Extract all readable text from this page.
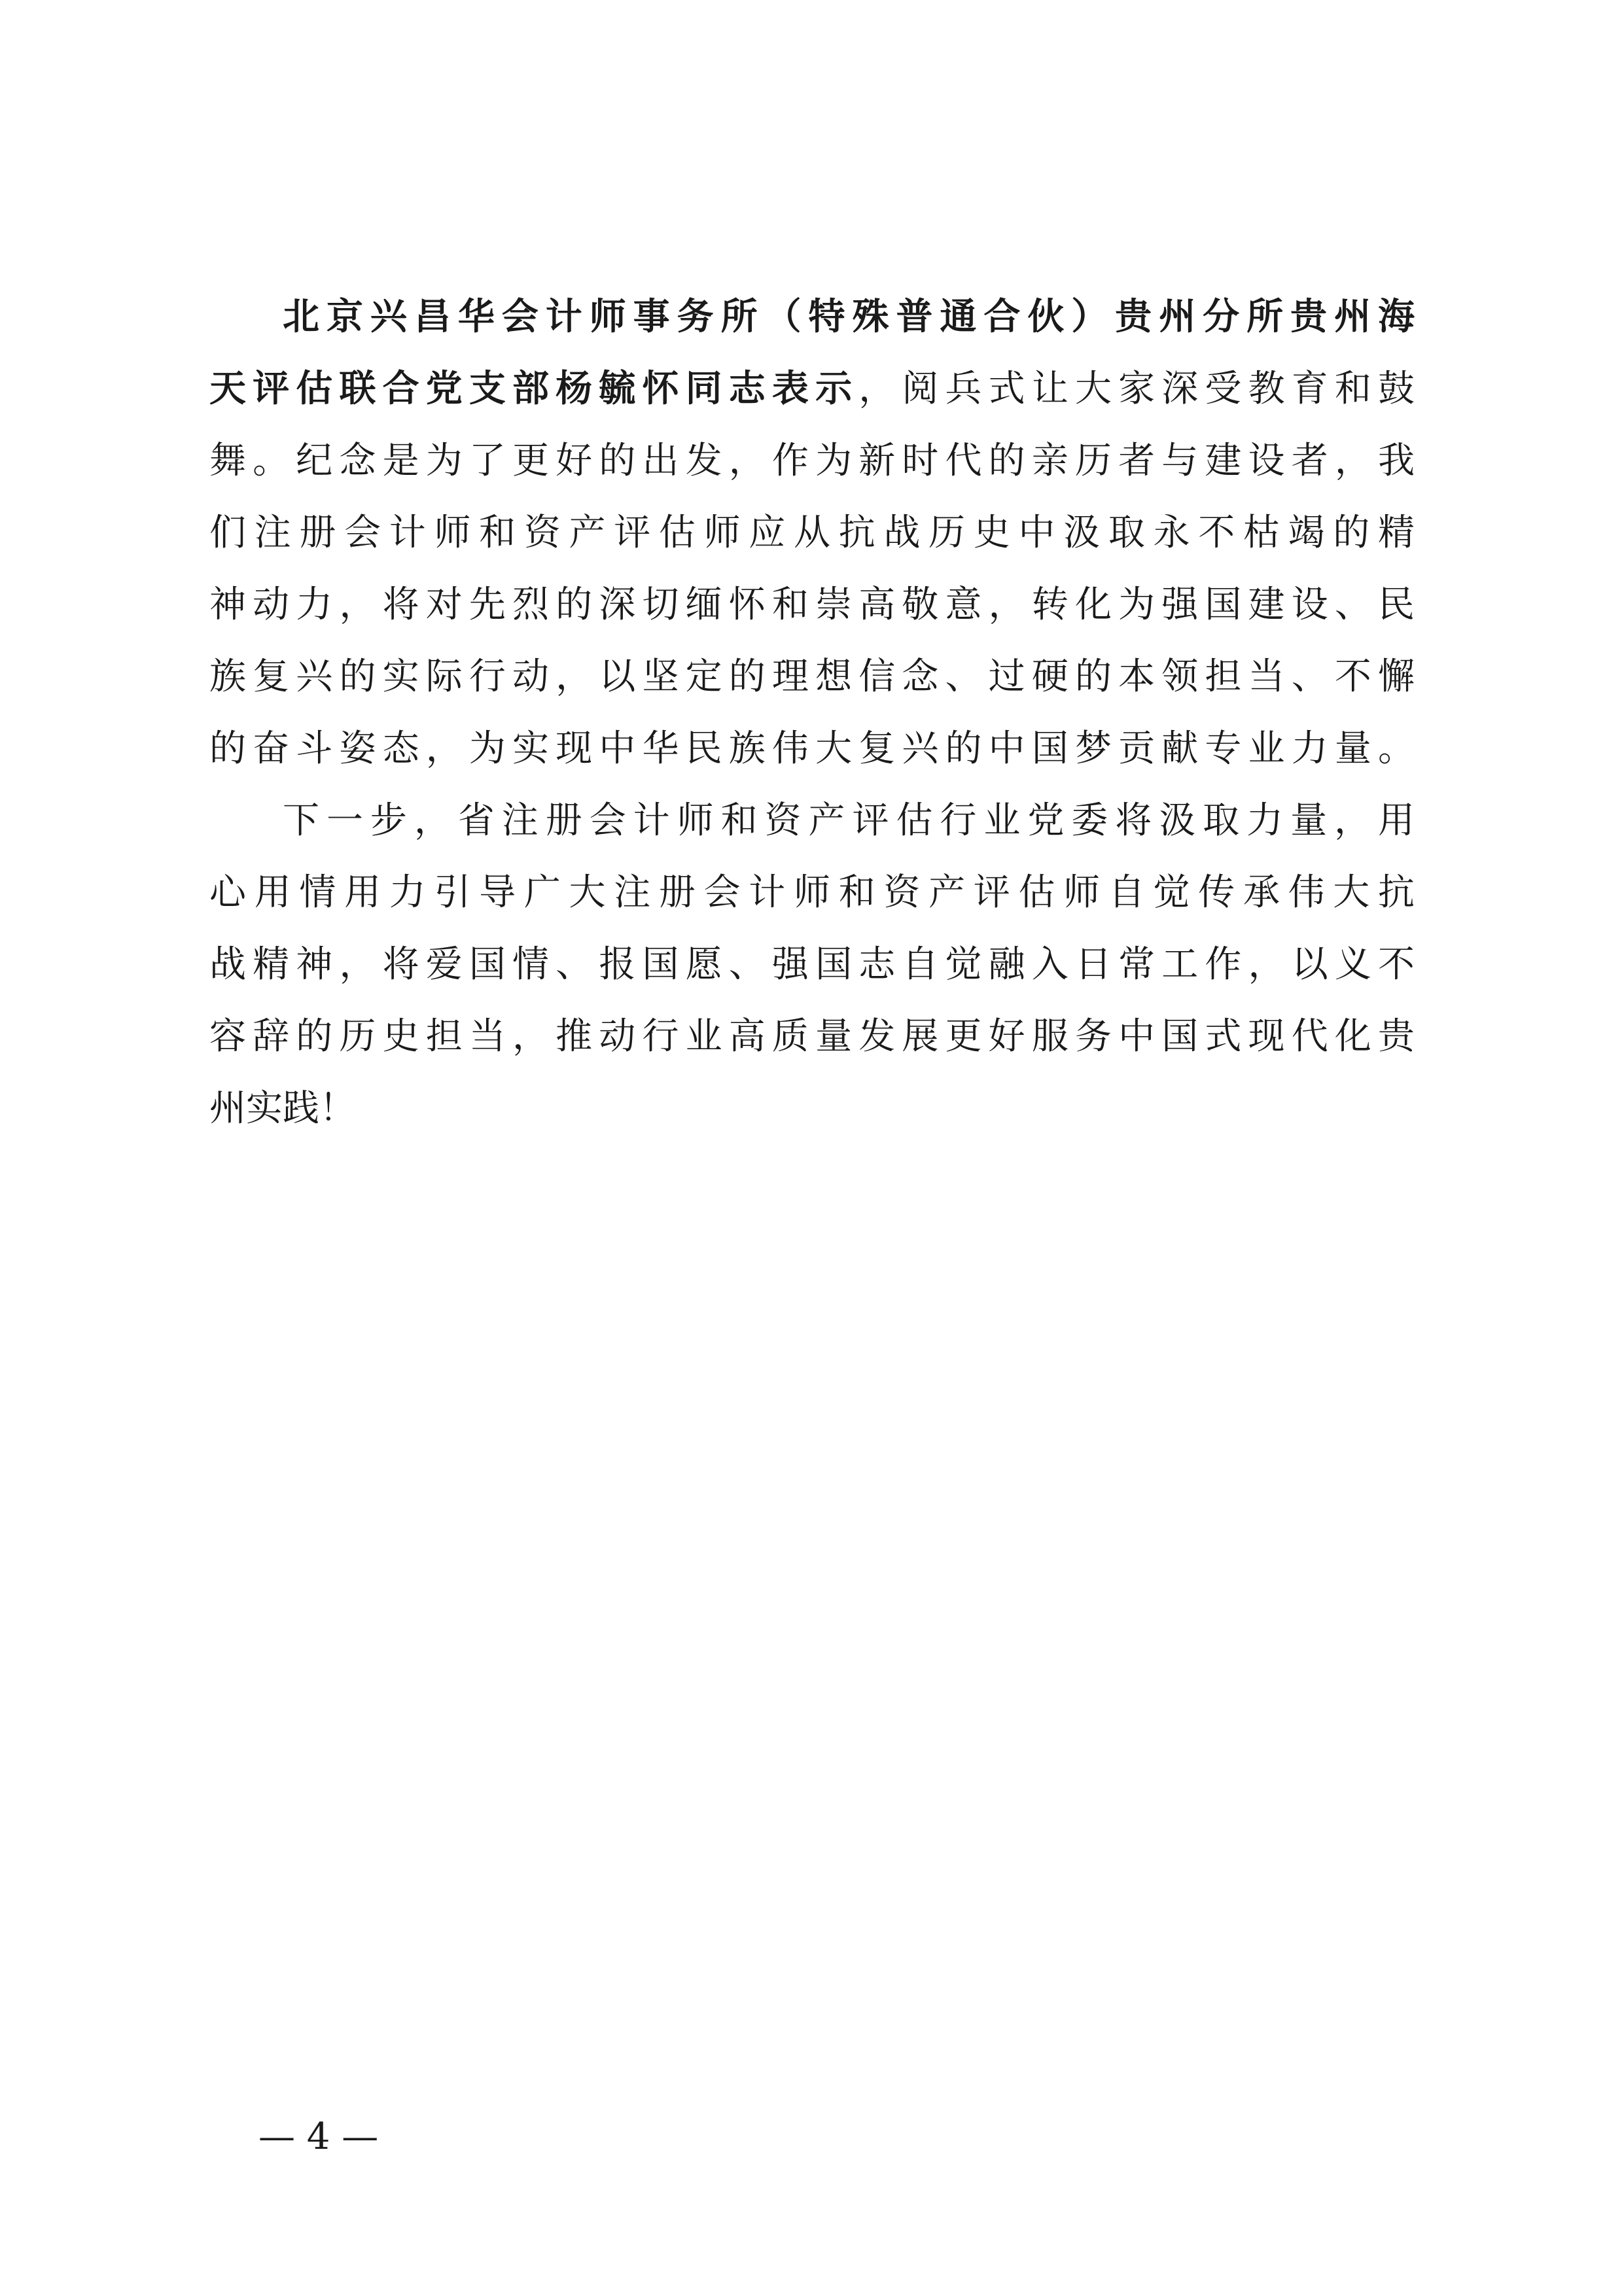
北京兴昌华会计师事务所（特殊普通合伙）贵州分所贵州海
天评估联合党支部杨毓怀同志表示，阅兵式让大家深受教育和鼓
舞。纪念是为了更好的出发，作为新时代的亲历者与建设者，我
们注册会计师和资产评估师应从抗战历史中汲取永不枯竭的精
神动力，将对先烈的深切缅怀和崇高敬意，转化为强国建设、民
族复兴的实际行动，以坚定的理想信念、过硬的本领担当、不懈
的奋斗姿态，为实现中华民族伟大复兴的中国梦贡献专业力量。
下一步，省注册会计师和资产评估行业党委将汲取力量，用
心用情用力引导广大注册会计师和资产评估师自觉传承伟大抗
战精神，将爱国情、报国愿、强国志自觉融入日常工作，以义不
容辞的历史担当，推动行业高质量发展更好服务中国式现代化贵
州实践！
— 4 —
